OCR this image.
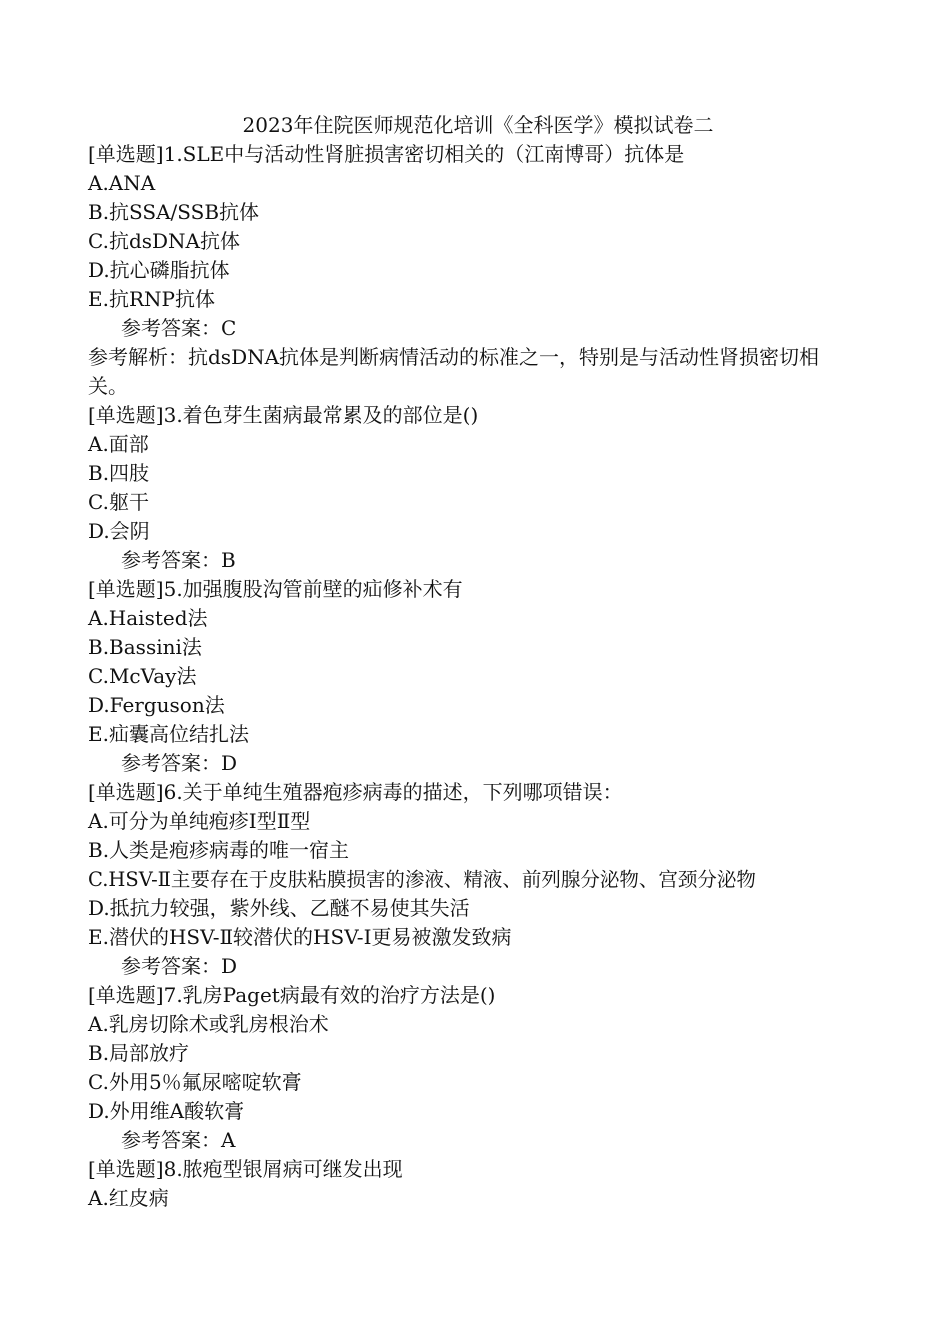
2023年住院医师规范化培训《全科医学》模拟试卷二
[单选题]1.SLE中与活动性肾脏损害密切相关的（江南博哥）抗体是
A.ANA
B.抗SSA/SSB抗体
C.抗dsDNA抗体
D.抗心磷脂抗体
E.抗RNP抗体
参考答案：C
参考解析：抗dsDNA抗体是判断病情活动的标准之一，特别是与活动性肾损密切相关。
[单选题]3.着色芽生菌病最常累及的部位是()
A.面部
B.四肢
C.躯干
D.会阴
参考答案：B
[单选题]5.加强腹股沟管前壁的疝修补术有
A.Haisted法
B.Bassini法
C.McVay法
D.Ferguson法
E.疝囊高位结扎法
参考答案：D
[单选题]6.关于单纯生殖器疱疹病毒的描述，下列哪项错误：
A.可分为单纯疱疹Ⅰ型Ⅱ型
B.人类是疱疹病毒的唯一宿主
C.HSV-Ⅱ主要存在于皮肤粘膜损害的渗液、精液、前列腺分泌物、宫颈分泌物
D.抵抗力较强，紫外线、乙醚不易使其失活
E.潜伏的HSV-Ⅱ较潜伏的HSV-I更易被激发致病
参考答案：D
[单选题]7.乳房Paget病最有效的治疗方法是()
A.乳房切除术或乳房根治术
B.局部放疗
C.外用5％氟尿嘧啶软膏
D.外用维A酸软膏
参考答案：A
[单选题]8.脓疱型银屑病可继发出现
A.红皮病
